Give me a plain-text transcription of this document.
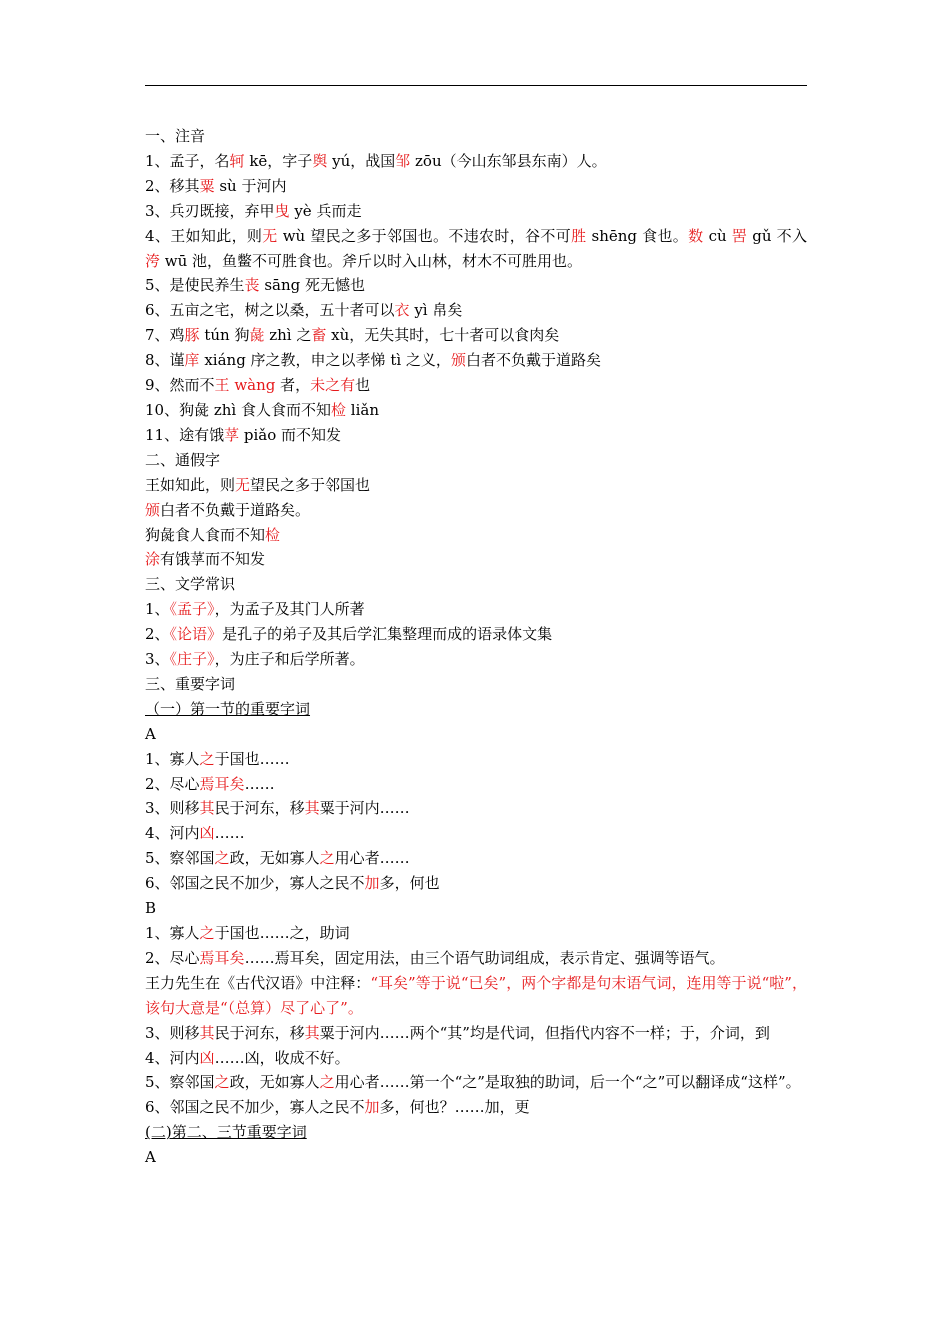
一、注音
1、孟子，名轲 kē，字子舆 yú，战国邹 zōu（今山东邹县东南）人。
2、移其粟 sù 于河内
3、兵刃既接，弃甲曳 yè 兵而走
4、王如知此，则无 wù 望民之多于邻国也。不违农时，谷不可胜 shēng 食也。数 cù 罟 gǔ 不入洿 wū 池，鱼鳖不可胜食也。斧斤以时入山林，材木不可胜用也。
5、是使民养生丧 sāng 死无憾也
6、五亩之宅，树之以桑，五十者可以衣 yì 帛矣
7、鸡豚 tún 狗彘 zhì 之畜 xù，无失其时，七十者可以食肉矣
8、谨庠 xiáng 序之教，申之以孝悌 tì 之义，颁白者不负戴于道路矣
9、然而不王 wàng 者，未之有也
10、狗彘 zhì 食人食而不知检 liǎn
11、途有饿莩 piǎo 而不知发
二、通假字
王如知此，则无望民之多于邻国也
颁白者不负戴于道路矣。
狗彘食人食而不知检
涂有饿莩而不知发
三、文学常识
1、《孟子》，为孟子及其门人所著
2、《论语》是孔子的弟子及其后学汇集整理而成的语录体文集
3、《庄子》，为庄子和后学所著。
三、重要字词
（一）第一节的重要字词
A
1、寡人之于国也……
2、尽心焉耳矣……
3、则移其民于河东，移其粟于河内……
4、河内凶……
5、察邻国之政，无如寡人之用心者……
6、邻国之民不加少，寡人之民不加多，何也
B
1、寡人之于国也……之，助词
2、尽心焉耳矣……焉耳矣，固定用法，由三个语气助词组成，表示肯定、强调等语气。
王力先生在《古代汉语》中注释：“耳矣”等于说“已矣”，两个字都是句末语气词，连用等于说“啦”，该句大意是“（总算）尽了心了”。
3、则移其民于河东，移其粟于河内……两个“其”均是代词，但指代内容不一样；于，介词，到
4、河内凶……凶，收成不好。
5、察邻国之政，无如寡人之用心者……第一个“之”是取独的助词，后一个“之”可以翻译成“这样”。
6、邻国之民不加少，寡人之民不加多，何也？……加，更
(二)第二、三节重要字词
A
